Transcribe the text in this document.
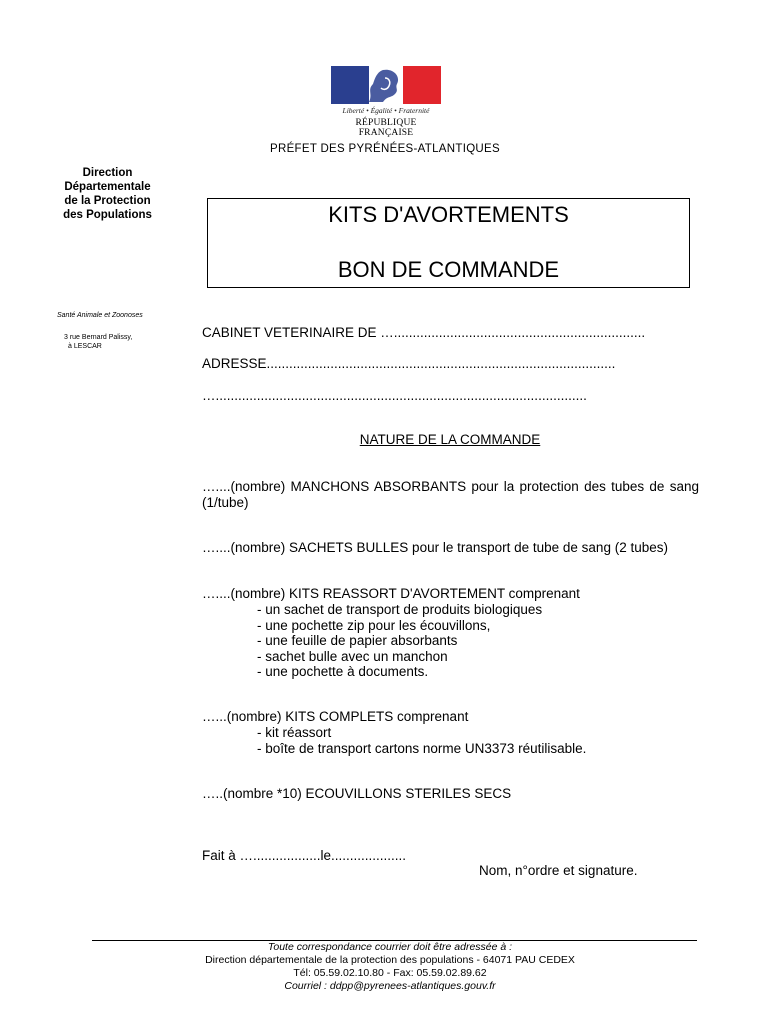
Liberté • Égalité • Fraternité
RÉPUBLIQUE FRANÇAISE
PRÉFET DES PYRÉNÉES-ATLANTIQUES
Direction
Départementale
de la Protection
des Populations
Santé Animale et Zoonoses
3 rue Bernard Palissy,
à LESCAR
KITS D'AVORTEMENTS
BON DE COMMANDE
CABINET VETERINAIRE DE …...................................................................
ADRESSE.............................................................................................
…...................................................................................................
NATURE DE LA COMMANDE
…....(nombre) MANCHONS ABSORBANTS pour la protection des tubes de sang (1/tube)
…....(nombre) SACHETS BULLES pour le transport de tube de sang (2 tubes)
…....(nombre) KITS REASSORT D'AVORTEMENT comprenant
- un sachet de transport de produits biologiques
- une pochette zip pour les écouvillons,
- une feuille de papier absorbants
- sachet bulle avec un manchon
- une pochette à documents.
…...(nombre) KITS COMPLETS comprenant
- kit réassort
- boîte de transport cartons norme UN3373 réutilisable.
…..(nombre *10) ECOUVILLONS STERILES SECS
Fait à …..................le....................
Nom, n°ordre et signature.
Toute correspondance courrier doit être adressée à :
Direction départementale de la protection des populations - 64071 PAU CEDEX
Tél: 05.59.02.10.80 - Fax: 05.59.02.89.62
Courriel : ddpp@pyrenees-atlantiques.gouv.fr
